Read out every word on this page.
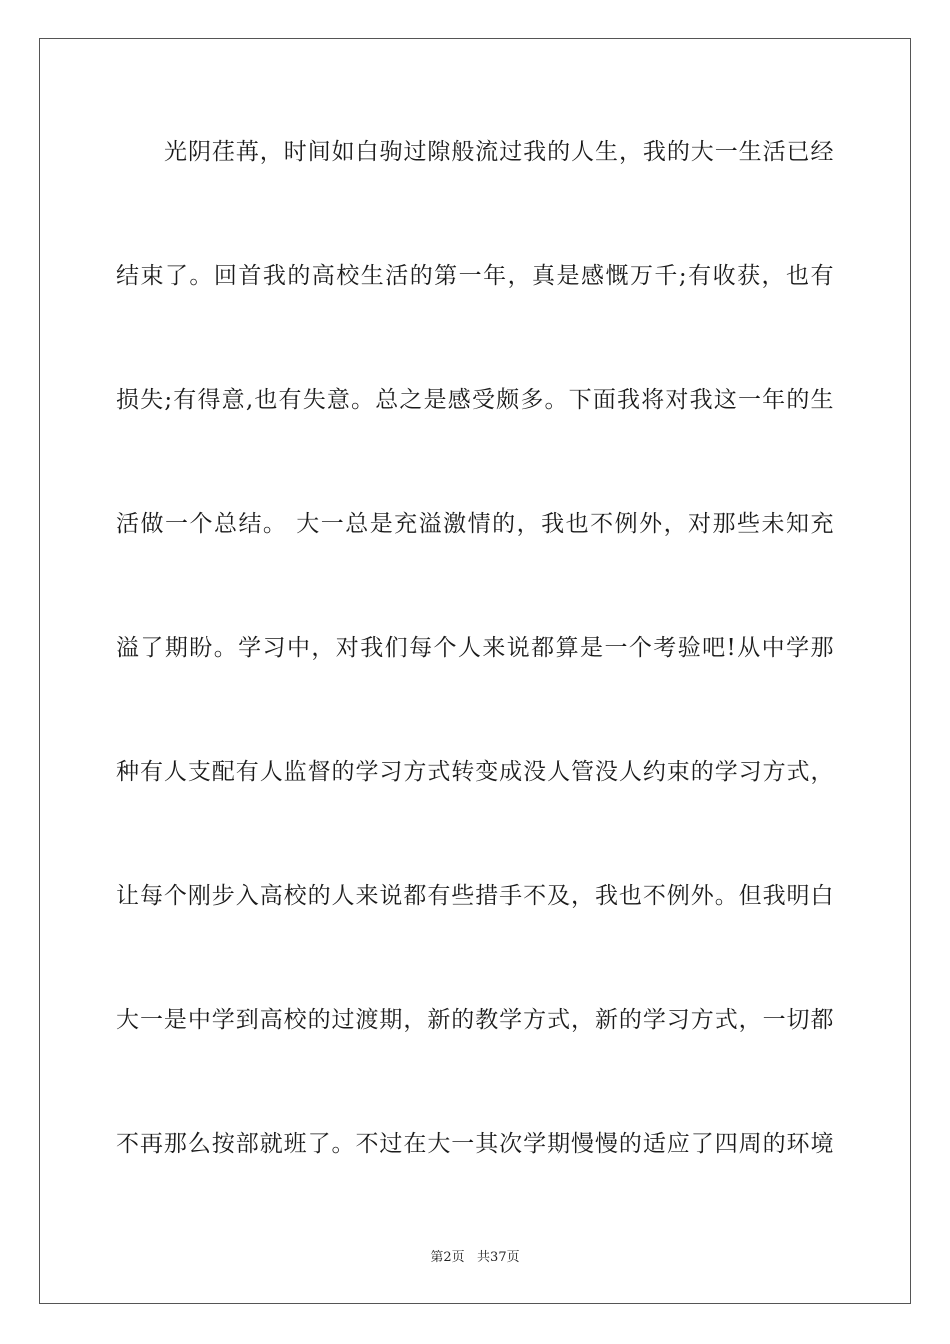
光阴荏苒，时间如白驹过隙般流过我的人生，我的大一生活已经
结束了。回首我的高校生活的第一年，真是感慨万千;有收获，也有
损失;有得意,也有失意。总之是感受颇多。下面我将对我这一年的生
活做一个总结。 大一总是充溢激情的，我也不例外，对那些未知充
溢了期盼。学习中，对我们每个人来说都算是一个考验吧!从中学那
种有人支配有人监督的学习方式转变成没人管没人约束的学习方式，
让每个刚步入高校的人来说都有些措手不及，我也不例外。但我明白
大一是中学到高校的过渡期，新的教学方式，新的学习方式，一切都
不再那么按部就班了。不过在大一其次学期慢慢的适应了四周的环境
第2页   共37页
